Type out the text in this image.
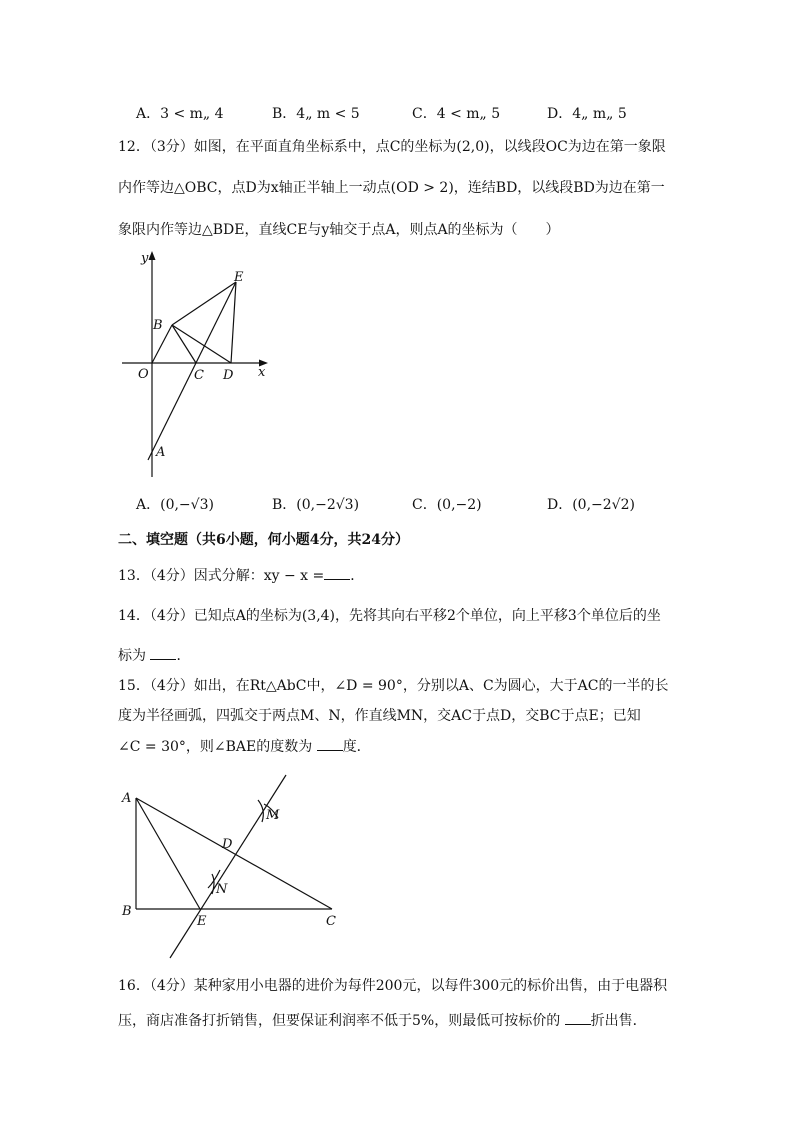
A．3 < m„ 4	B．4„ m < 5	C．4 < m„ 5	D．4„ m„ 5
12．（3分）如图，在平面直角坐标系中，点C的坐标为(2,0)，以线段OC为边在第一象限
内作等边△OBC，点D为x轴正半轴上一动点(OD > 2)，连结BD，以线段BD为边在第一
象限内作等边△BDE，直线CE与y轴交于点A，则点A的坐标为（　　）
y
E
B
O	C D x
A
A．(0,−√3)	B．(0,−2√3)	C．(0,−2)	D．(0,−2√2)
二、填空题（共6小题，何小题4分，共24分）
13．（4分）因式分解：xy − x = ．
14．（4分）已知点A的坐标为(3,4)，先将其向右平移2个单位，向上平移3个单位后的坐
标为 ．
15．（4分）如出，在Rt△AbC中，∠D = 90°，分别以A、C为圆心，大于AC的一半的长
度为半径画弧，四弧交于两点M、N，作直线MN，交AC于点D，交BC于点E；已知
∠C = 30°，则∠BAE的度数为 度．
A
M
D
N
B
E	C
16．（4分）某种家用小电器的进价为每件200元，以每件300元的标价出售，由于电器积
压，商店准备打折销售，但要保证利润率不低于5%，则最低可按标价的 折出售．
